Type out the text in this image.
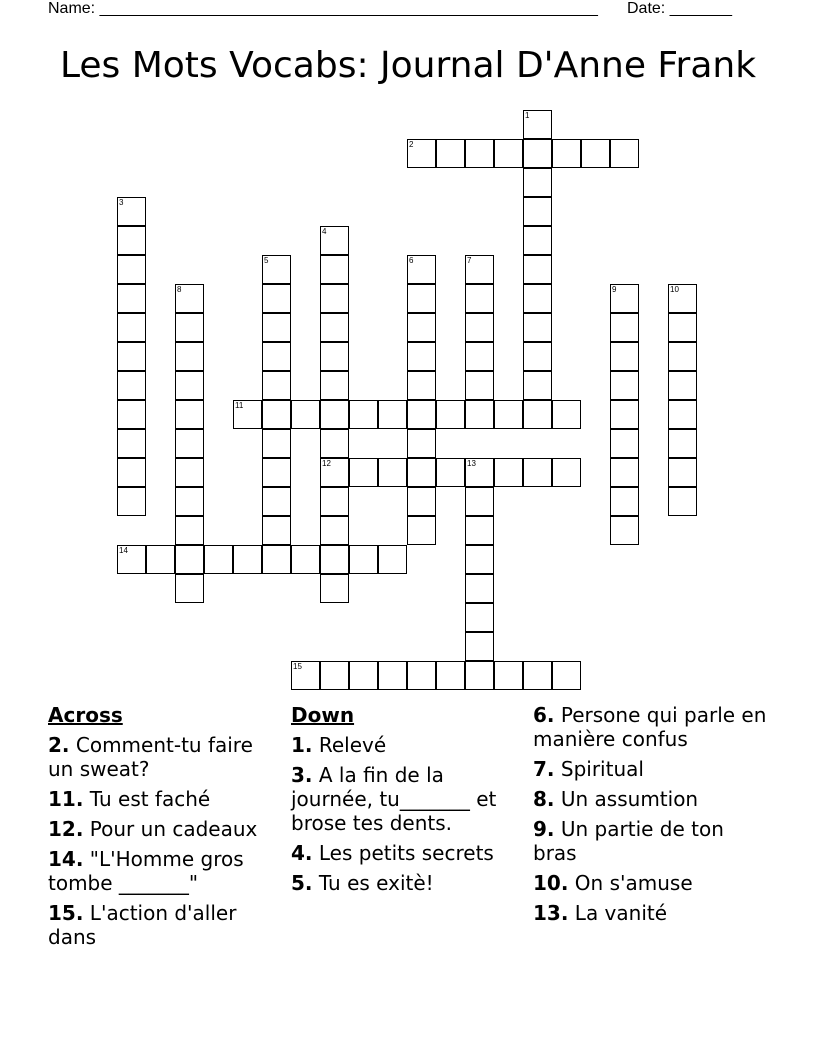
Name: ________________________________________________________ Date: _______
Les Mots Vocabs: Journal D'Anne Frank
1
2
3
4
12
5	6	7
8	9	10
11
13
14
15
Across
2. Comment-tu faire un sweat?
11. Tu est faché
12. Pour un cadeaux
14. "L'Homme gros tombe _______"
15. L'action d'aller dans
Down
1. Relevé
3. A la fin de la journée, tu_______ et brose tes dents.
4. Les petits secrets
5. Tu es exitè!
6. Persone qui parle en manière confus
7. Spiritual
8. Un assumtion
9. Un partie de ton bras
10. On s'amuse
13. La vanité
